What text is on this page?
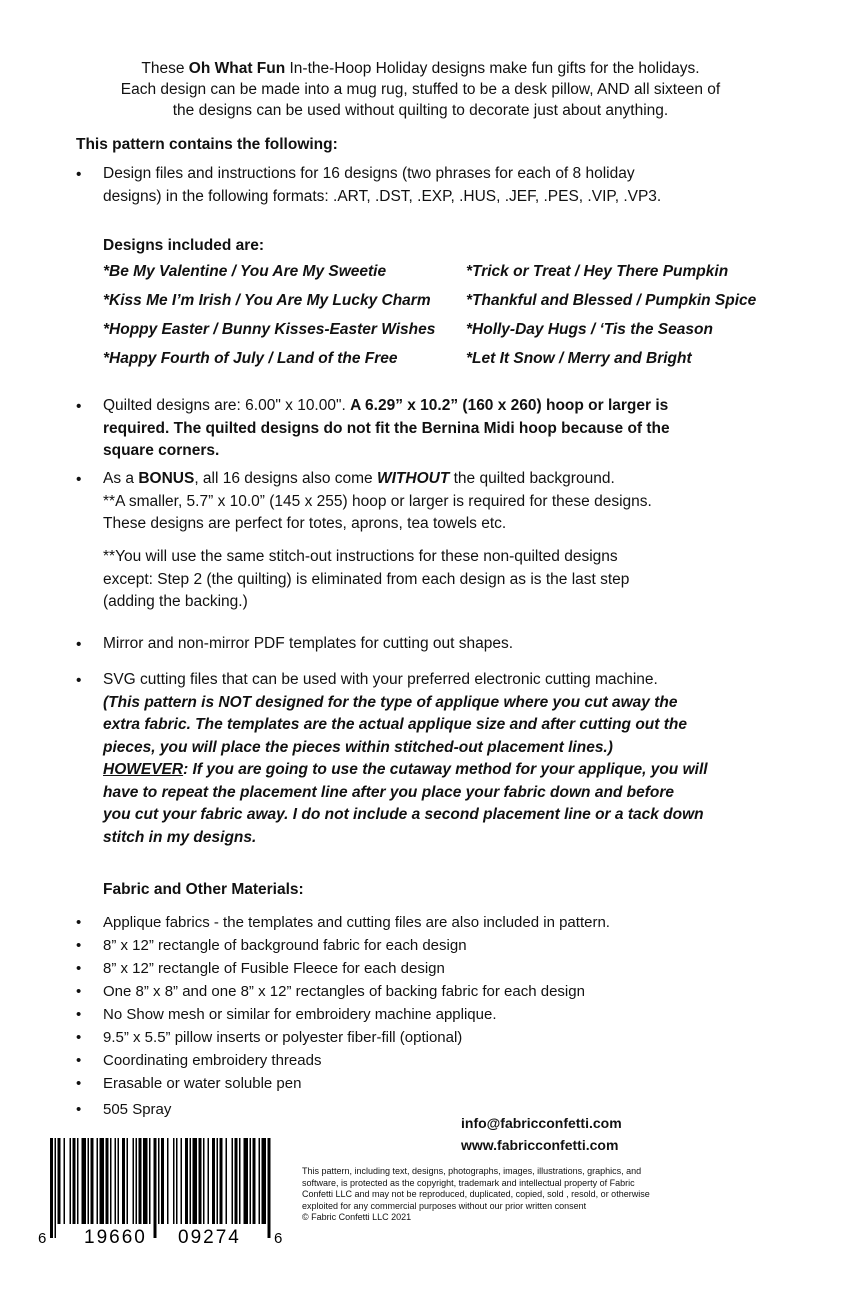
These Oh What Fun In-the-Hoop Holiday designs make fun gifts for the holidays.
Each design can be made into a mug rug, stuffed to be a desk pillow, AND all sixteen of
the designs can be used without quilting to decorate just about anything.
This pattern contains the following:
• Design files and instructions for 16 designs (two phrases for each of 8 holiday
designs) in the following formats: .ART, .DST, .EXP, .HUS, .JEF, .PES, .VIP, .VP3.
Designs included are:
*Be My Valentine / You Are My Sweetie
*Kiss Me I’m Irish / You Are My Lucky Charm
*Hoppy Easter / Bunny Kisses-Easter Wishes
*Happy Fourth of July / Land of the Free
*Trick or Treat / Hey There Pumpkin
*Thankful and Blessed / Pumpkin Spice
*Holly-Day Hugs / ‘Tis the Season
*Let It Snow / Merry and Bright
• Quilted designs are: 6.00" x 10.00". A 6.29” x 10.2” (160 x 260) hoop or larger is
required. The quilted designs do not fit the Bernina Midi hoop because of the
square corners.
• As a BONUS, all 16 designs also come WITHOUT the quilted background.
**A smaller, 5.7” x 10.0” (145 x 255) hoop or larger is required for these designs.
These designs are perfect for totes, aprons, tea towels etc.
**You will use the same stitch-out instructions for these non-quilted designs
except: Step 2 (the quilting) is eliminated from each design as is the last step
(adding the backing.)
• Mirror and non-mirror PDF templates for cutting out shapes.
• SVG cutting files that can be used with your preferred electronic cutting machine.
(This pattern is NOT designed for the type of applique where you cut away the
extra fabric. The templates are the actual applique size and after cutting out the
pieces, you will place the pieces within stitched-out placement lines.)
HOWEVER: If you are going to use the cutaway method for your applique, you will
have to repeat the placement line after you place your fabric down and before
you cut your fabric away. I do not include a second placement line or a tack down
stitch in my designs.
Fabric and Other Materials:
• Applique fabrics - the templates and cutting files are also included in pattern.
• 8” x 12” rectangle of background fabric for each design
• 8” x 12” rectangle of Fusible Fleece for each design
• One 8” x 8” and one 8” x 12” rectangles of backing fabric for each design
• No Show mesh or similar for embroidery machine applique.
• 9.5” x 5.5” pillow inserts or polyester fiber-fill (optional)
• Coordinating embroidery threads
• Erasable or water soluble pen
• 505 Spray
info@fabricconfetti.com
www.fabricconfetti.com
6 19660 09274 6
This pattern, including text, designs, photographs, images, illustrations, graphics, and
software, is protected as the copyright, trademark and intellectual property of Fabric
Confetti LLC and may not be reproduced, duplicated, copied, sold , resold, or otherwise
exploited for any commercial purposes without our prior written consent
© Fabric Confetti LLC 2021
